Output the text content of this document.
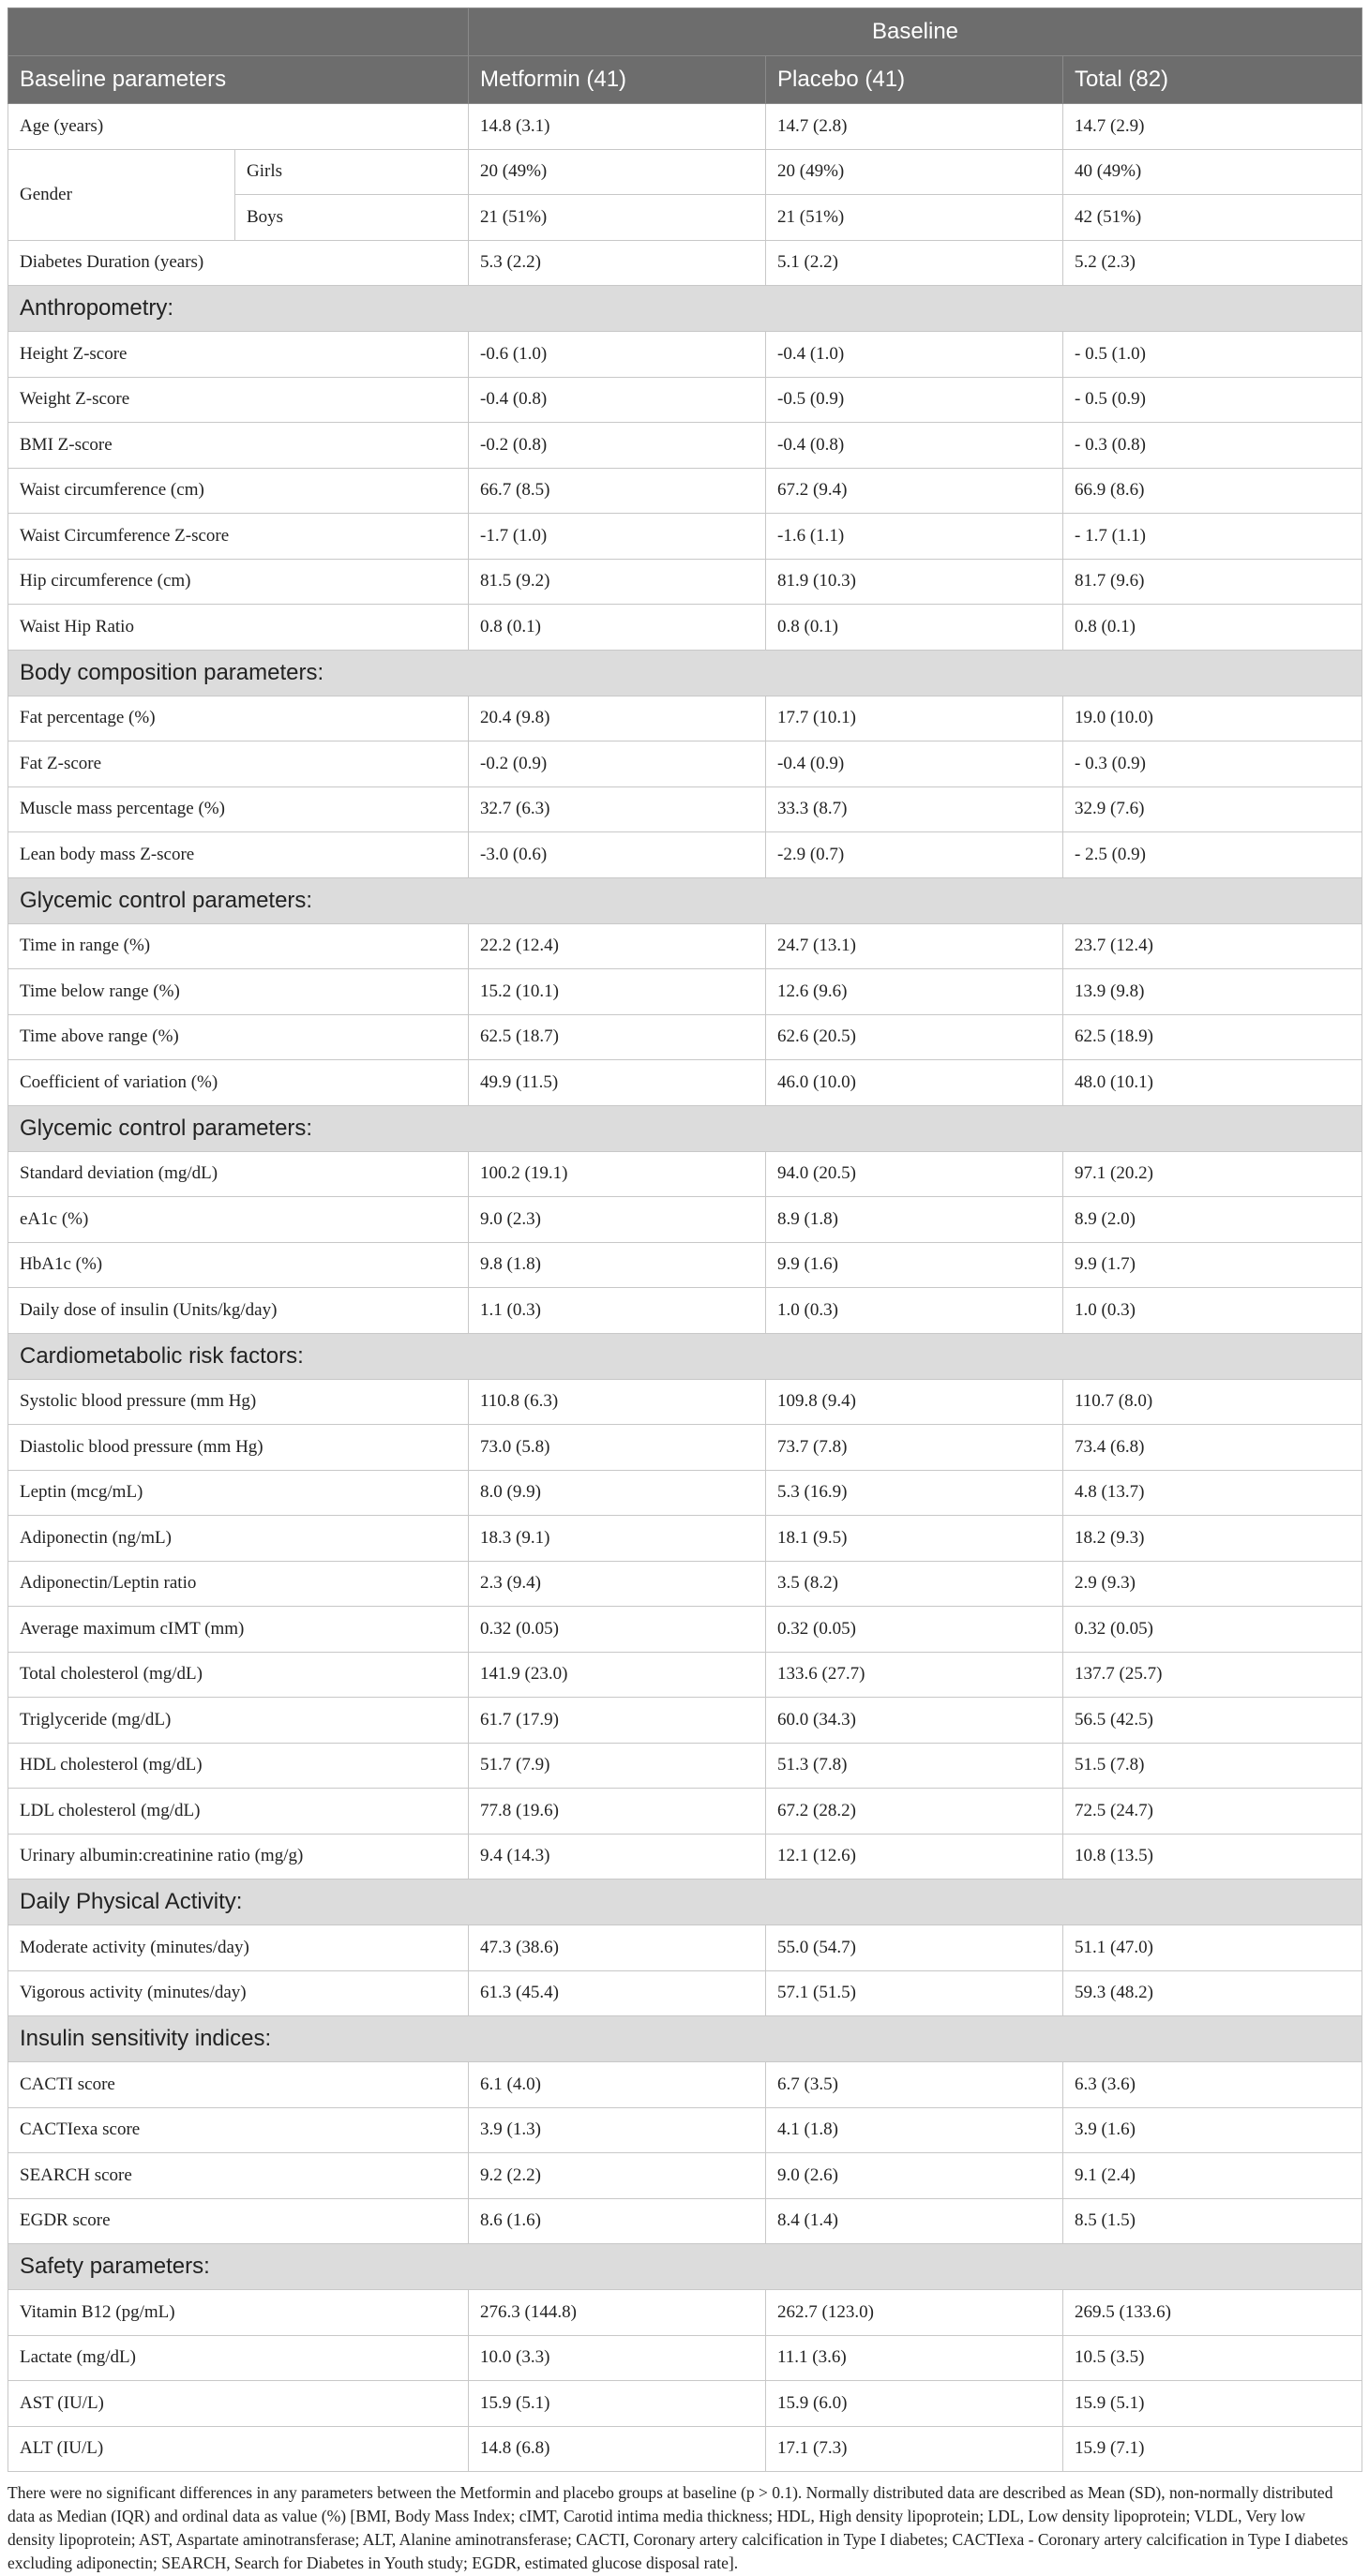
		Baseline		
Baseline parameters		Metformin (41)	Placebo (41)	Total (82)
Age (years)		14.8 (3.1)	14.7 (2.8)	14.7 (2.9)
Gender	Girls	20 (49%)	20 (49%)	40 (49%)
	Boys	21 (51%)	21 (51%)	42 (51%)
Diabetes Duration (years)		5.3 (2.2)	5.1 (2.2)	5.2 (2.3)
Anthropometry:				
Height Z-score		-0.6 (1.0)	-0.4 (1.0)	- 0.5 (1.0)
Weight Z-score		-0.4 (0.8)	-0.5 (0.9)	- 0.5 (0.9)
BMI Z-score		-0.2 (0.8)	-0.4 (0.8)	- 0.3 (0.8)
Waist circumference (cm)		66.7 (8.5)	67.2 (9.4)	66.9 (8.6)
Waist Circumference Z-score		-1.7 (1.0)	-1.6 (1.1)	- 1.7 (1.1)
Hip circumference (cm)		81.5 (9.2)	81.9 (10.3)	81.7 (9.6)
Waist Hip Ratio		0.8 (0.1)	0.8 (0.1)	0.8 (0.1)
Body composition parameters:				
Fat percentage (%)		20.4 (9.8)	17.7 (10.1)	19.0 (10.0)
Fat Z-score		-0.2 (0.9)	-0.4 (0.9)	- 0.3 (0.9)
Muscle mass percentage (%)		32.7 (6.3)	33.3 (8.7)	32.9 (7.6)
Lean body mass Z-score		-3.0 (0.6)	-2.9 (0.7)	- 2.5 (0.9)
Glycemic control parameters:				
Time in range (%)		22.2 (12.4)	24.7 (13.1)	23.7 (12.4)
Time below range (%)		15.2 (10.1)	12.6 (9.6)	13.9 (9.8)
Time above range (%)		62.5 (18.7)	62.6 (20.5)	62.5 (18.9)
Coefficient of variation (%)		49.9 (11.5)	46.0 (10.0)	48.0 (10.1)
Glycemic control parameters:				
Standard deviation (mg/dL)		100.2 (19.1)	94.0 (20.5)	97.1 (20.2)
eA1c (%)		9.0 (2.3)	8.9 (1.8)	8.9 (2.0)
HbA1c (%)		9.8 (1.8)	9.9 (1.6)	9.9 (1.7)
Daily dose of insulin (Units/kg/day)		1.1 (0.3)	1.0 (0.3)	1.0 (0.3)
Cardiometabolic risk factors:				
Systolic blood pressure (mm Hg)		110.8 (6.3)	109.8 (9.4)	110.7 (8.0)
Diastolic blood pressure (mm Hg)		73.0 (5.8)	73.7 (7.8)	73.4 (6.8)
Leptin (mcg/mL)		8.0 (9.9)	5.3 (16.9)	4.8 (13.7)
Adiponectin (ng/mL)		18.3 (9.1)	18.1 (9.5)	18.2 (9.3)
Adiponectin/Leptin ratio		2.3 (9.4)	3.5 (8.2)	2.9 (9.3)
Average maximum cIMT (mm)		0.32 (0.05)	0.32 (0.05)	0.32 (0.05)
Total cholesterol (mg/dL)		141.9 (23.0)	133.6 (27.7)	137.7 (25.7)
Triglyceride (mg/dL)		61.7 (17.9)	60.0 (34.3)	56.5 (42.5)
HDL cholesterol (mg/dL)		51.7 (7.9)	51.3 (7.8)	51.5 (7.8)
LDL cholesterol (mg/dL)		77.8 (19.6)	67.2 (28.2)	72.5 (24.7)
Urinary albumin:creatinine ratio (mg/g)		9.4 (14.3)	12.1 (12.6)	10.8 (13.5)
Daily Physical Activity:				
Moderate activity (minutes/day)		47.3 (38.6)	55.0 (54.7)	51.1 (47.0)
Vigorous activity (minutes/day)		61.3 (45.4)	57.1 (51.5)	59.3 (48.2)
Insulin sensitivity indices:				
CACTI score		6.1 (4.0)	6.7 (3.5)	6.3 (3.6)
CACTIexa score		3.9 (1.3)	4.1 (1.8)	3.9 (1.6)
SEARCH score		9.2 (2.2)	9.0 (2.6)	9.1 (2.4)
EGDR score		8.6 (1.6)	8.4 (1.4)	8.5 (1.5)
Safety parameters:				
Vitamin B12 (pg/mL)		276.3 (144.8)	262.7 (123.0)	269.5 (133.6)
Lactate (mg/dL)		10.0 (3.3)	11.1 (3.6)	10.5 (3.5)
AST (IU/L)		15.9 (5.1)	15.9 (6.0)	15.9 (5.1)
ALT (IU/L)		14.8 (6.8)	17.1 (7.3)	15.9 (7.1)
There were no significant differences in any parameters between the Metformin and placebo groups at baseline (p > 0.1). Normally distributed data are described as Mean (SD), non-normally distributed data as Median (IQR) and ordinal data as value (%) [BMI, Body Mass Index; cIMT, Carotid intima media thickness; HDL, High density lipoprotein; LDL, Low density lipoprotein; VLDL, Very low density lipoprotein; AST, Aspartate aminotransferase; ALT, Alanine aminotransferase; CACTI, Coronary artery calcification in Type I diabetes; CACTIexa - Coronary artery calcification in Type I diabetes excluding adiponectin; SEARCH, Search for Diabetes in Youth study; EGDR, estimated glucose disposal rate].
